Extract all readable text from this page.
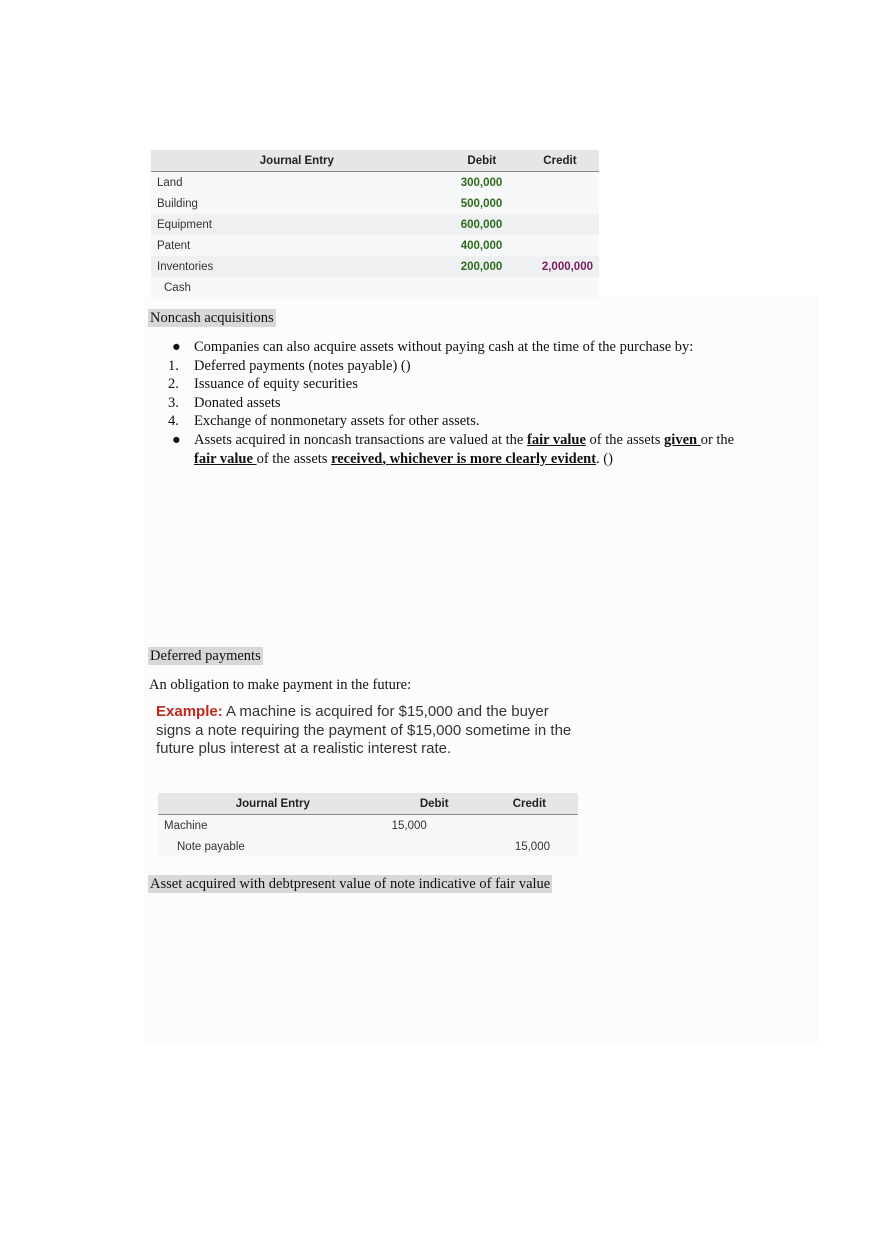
Journal Entry	Debit	Credit
Land	300,000	
Building	500,000	
Equipment	600,000	
Patent	400,000	
Inventories	200,000	2,000,000
Cash		
Noncash acquisitions
● Companies can also acquire assets without paying cash at the time of the purchase by:
1.	Deferred payments (notes payable) ()
2.	Issuance of equity securities
3.	Donated assets
4.	Exchange of nonmonetary assets for other assets.
● Assets acquired in noncash transactions are valued at the fair value of the assets given or the fair value of the assets received, whichever is more clearly evident. ()
Deferred payments
An obligation to make payment in the future:
Example: A machine is acquired for $15,000 and the buyer signs a note requiring the payment of $15,000 sometime in the future plus interest at a realistic interest rate.
Journal Entry	Debit	Credit
Machine	15,000	
Note payable		15,000
Asset acquired with debtpresent value of note indicative of fair value
